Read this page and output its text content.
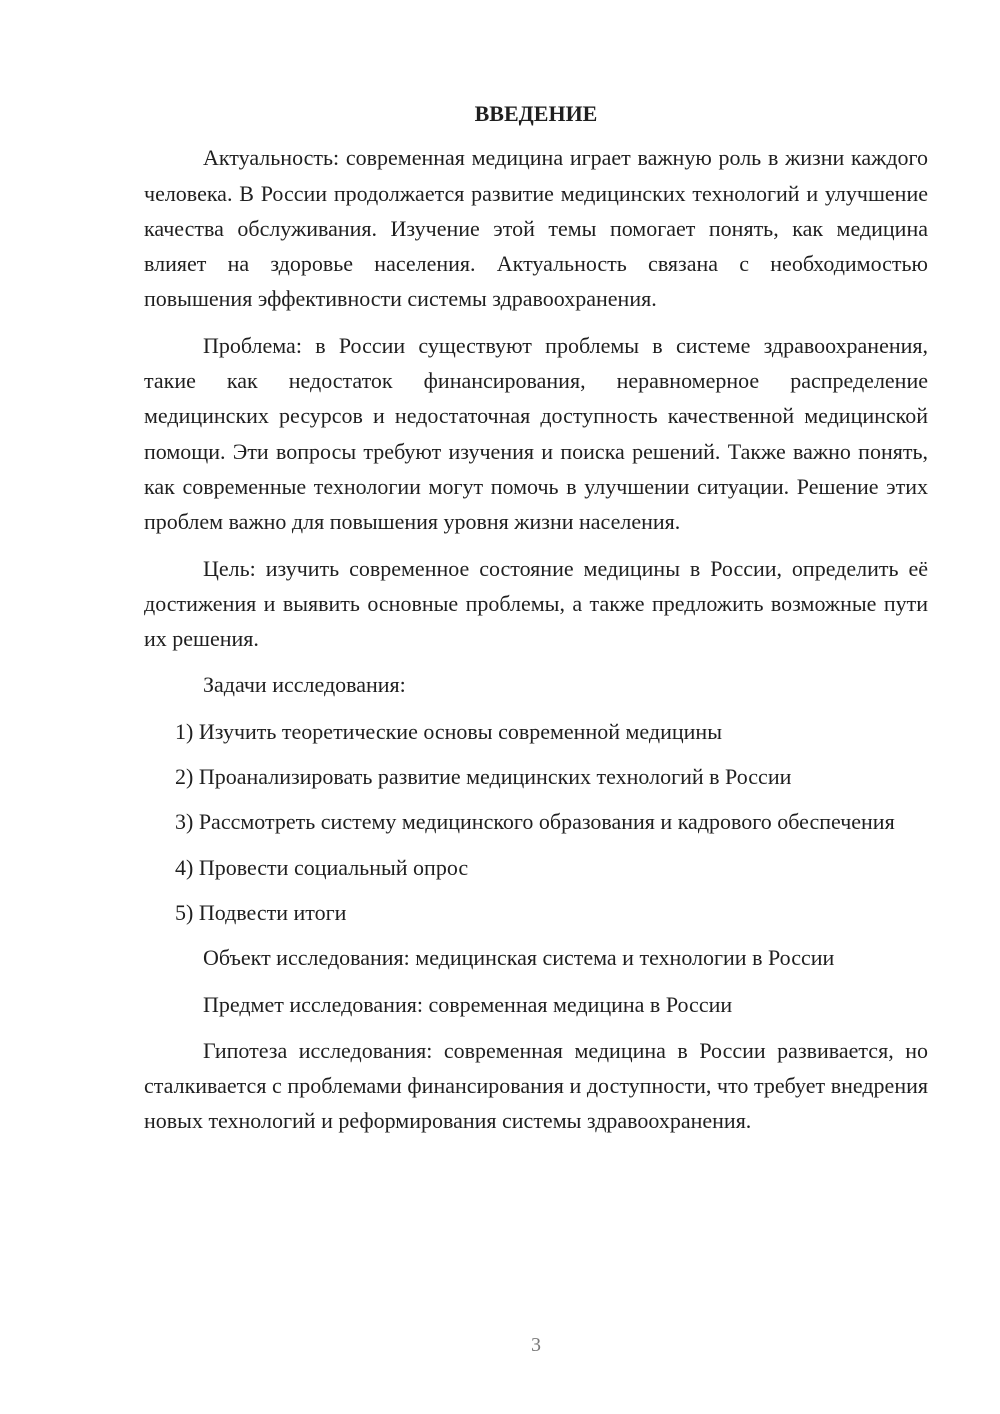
ВВЕДЕНИЕ

Актуальность: современная медицина играет важную роль в жизни каждого человека. В России продолжается развитие медицинских технологий и улучшение качества обслуживания. Изучение этой темы помогает понять, как медицина влияет на здоровье населения. Актуальность связана с необходимостью повышения эффективности системы здравоохранения.

Проблема: в России существуют проблемы в системе здравоохранения, такие как недостаток финансирования, неравномерное распределение медицинских ресурсов и недостаточная доступность качественной медицинской помощи. Эти вопросы требуют изучения и поиска решений. Также важно понять, как современные технологии могут помочь в улучшении ситуации. Решение этих проблем важно для повышения уровня жизни населения.

Цель: изучить современное состояние медицины в России, определить её достижения и выявить основные проблемы, а также предложить возможные пути их решения.

Задачи исследования:

1) Изучить теоретические основы современной медицины

2) Проанализировать развитие медицинских технологий в России

3) Рассмотреть систему медицинского образования и кадрового обеспечения

4) Провести социальный опрос

5) Подвести итоги

Объект исследования: медицинская система и технологии в России

Предмет исследования: современная медицина в России

Гипотеза исследования: современная медицина в России развивается, но сталкивается с проблемами финансирования и доступности, что требует внедрения новых технологий и реформирования системы здравоохранения.

3
